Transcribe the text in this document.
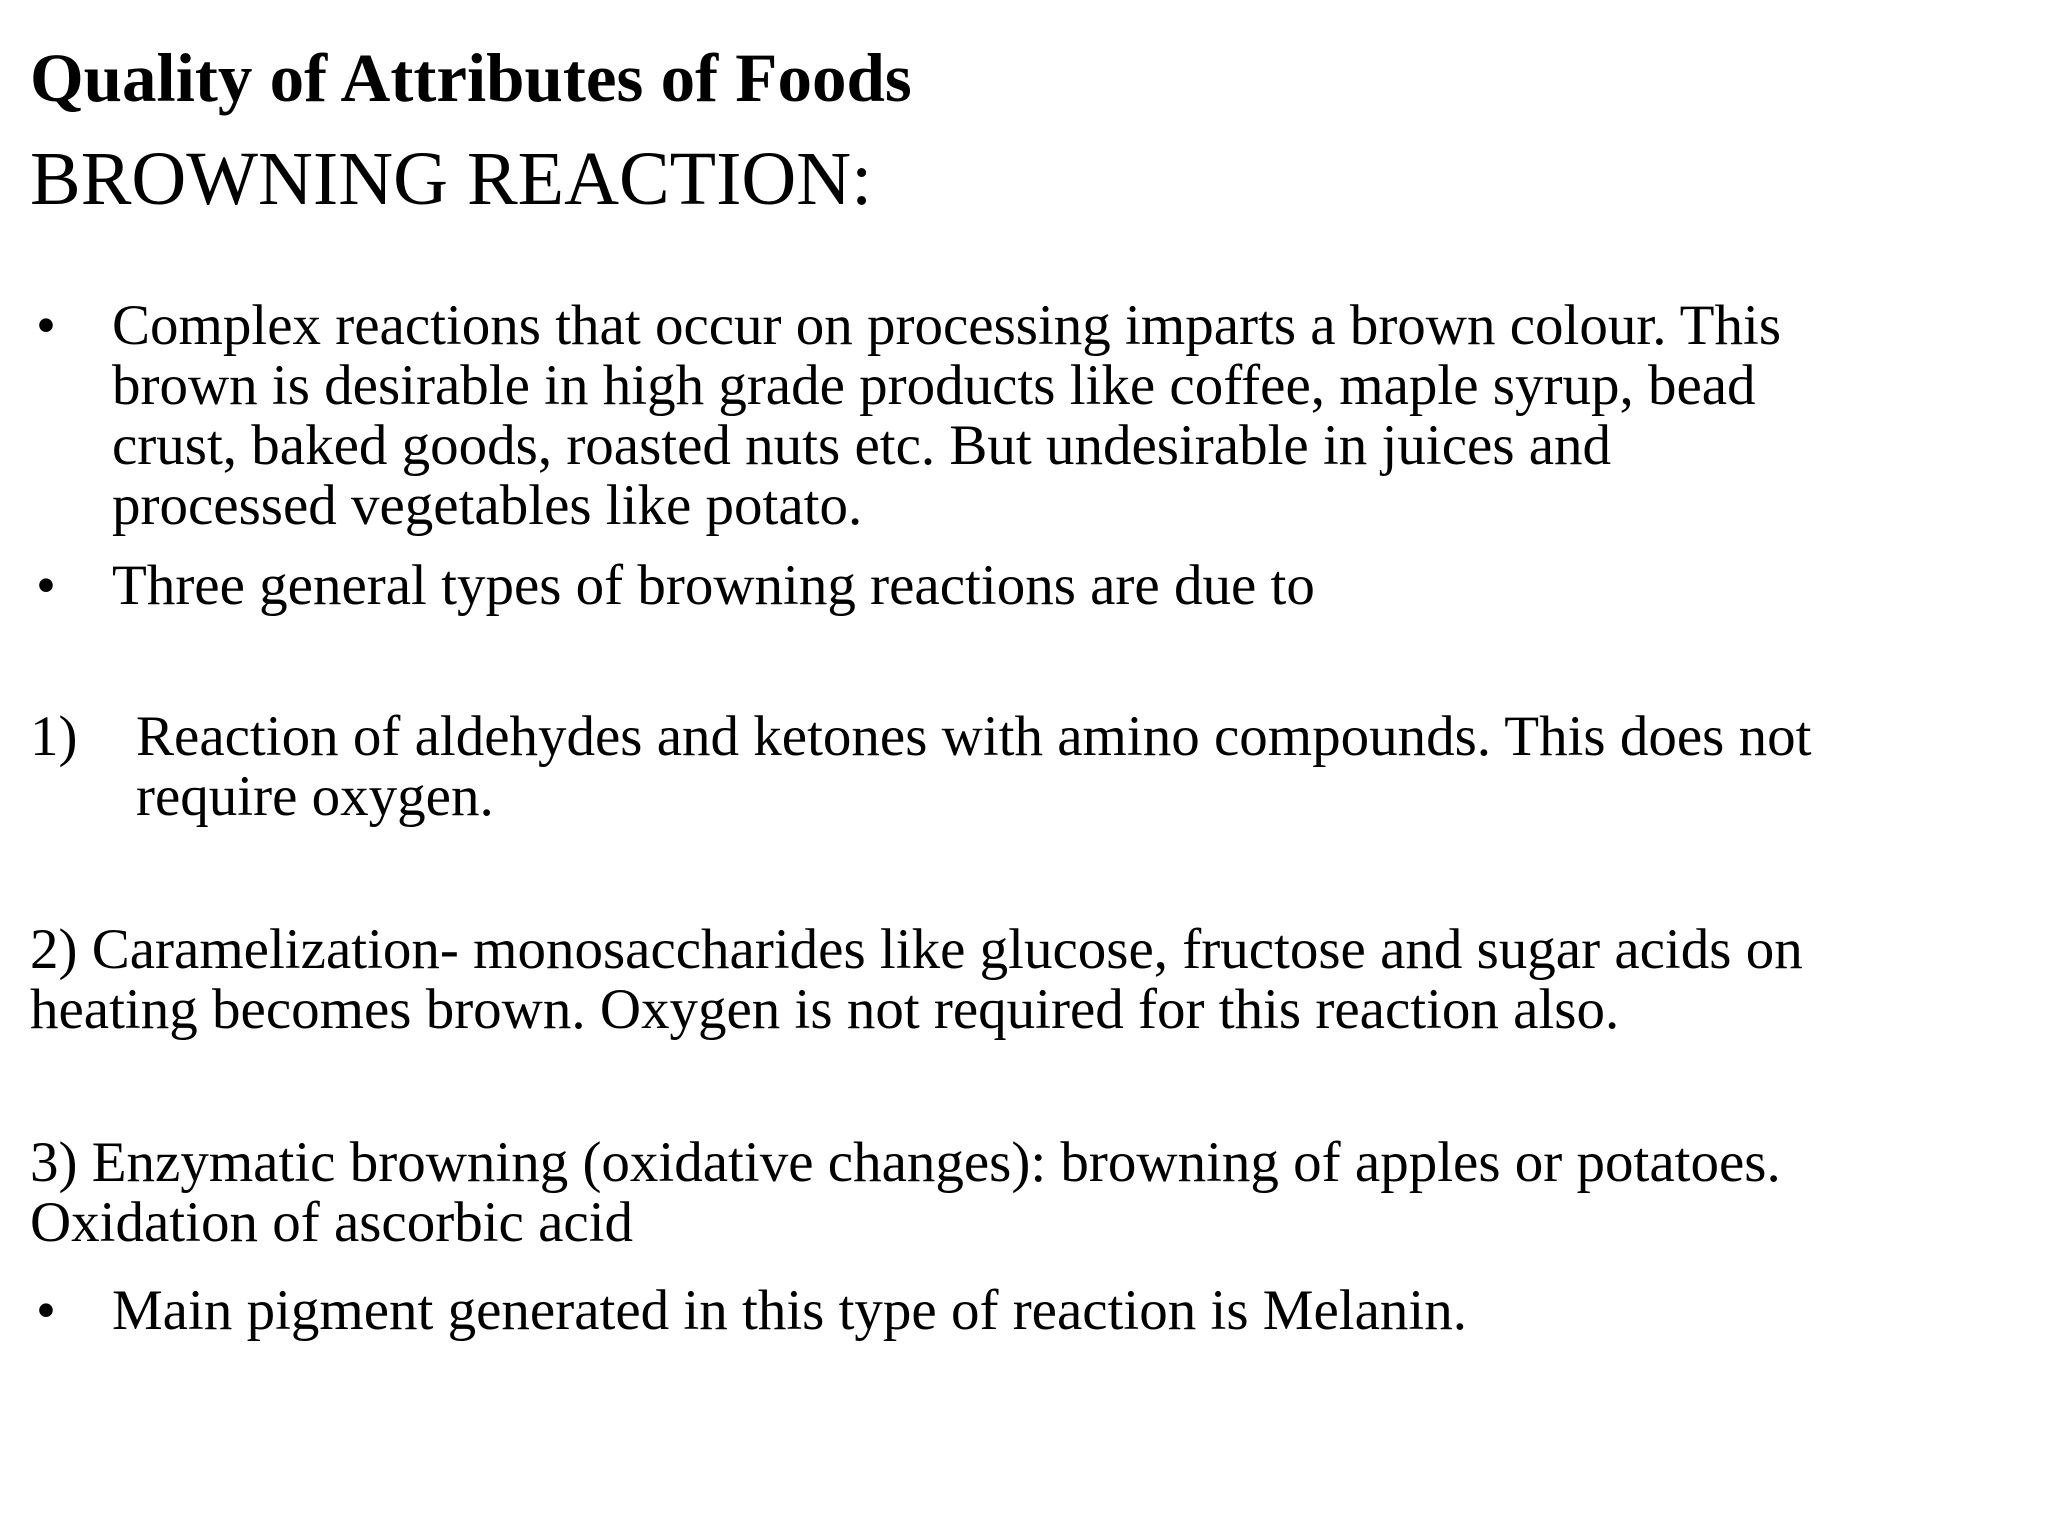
Quality of Attributes of Foods
BROWNING REACTION:
• Complex reactions that occur on processing imparts a brown colour. This
brown is desirable in high grade products like coffee, maple syrup, bead
crust, baked goods, roasted nuts etc. But undesirable in juices and
processed vegetables like potato.
• Three general types of browning reactions are due to
1) Reaction of aldehydes and ketones with amino compounds. This does not
require oxygen.
2) Caramelization- monosaccharides like glucose, fructose and sugar acids on
heating becomes brown. Oxygen is not required for this reaction also.
3) Enzymatic browning (oxidative changes): browning of apples or potatoes.
Oxidation of ascorbic acid
• Main pigment generated in this type of reaction is Melanin.
